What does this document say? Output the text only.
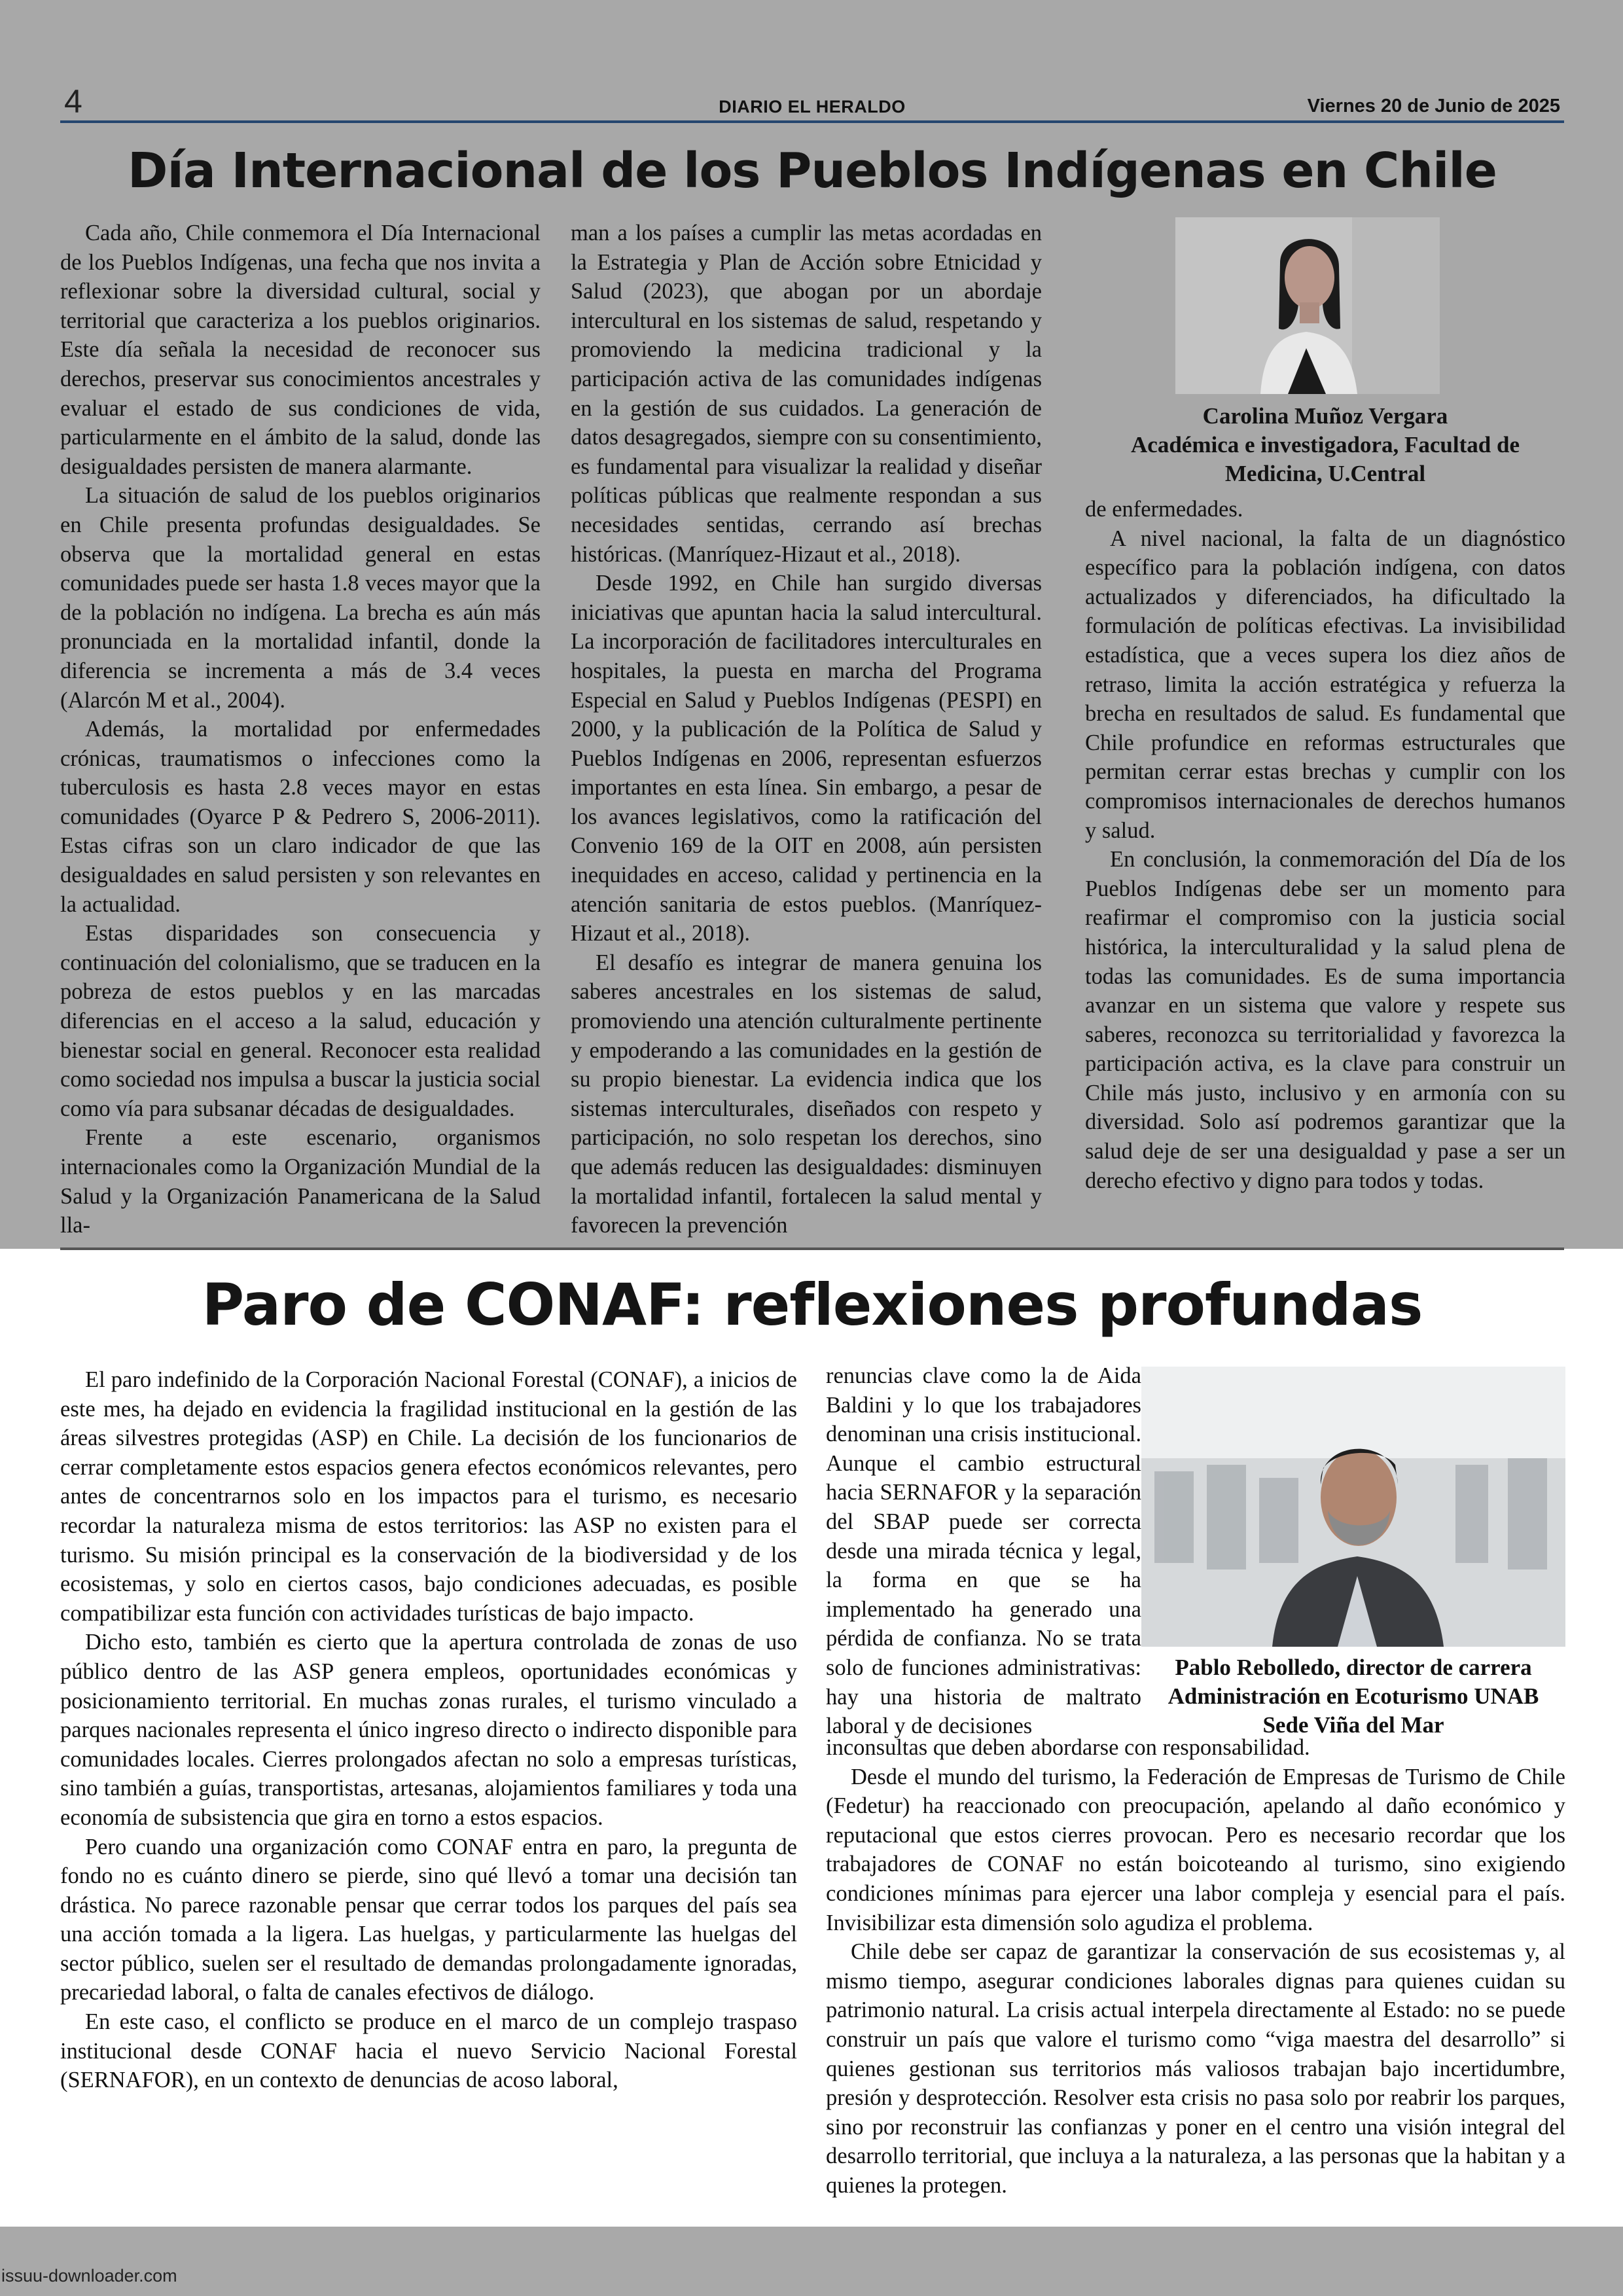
4	DIARIO EL HERALDO	Viernes 20 de Junio de 2025
Día Internacional de los Pueblos Indígenas en Chile

Cada año, Chile conmemora el Día Internacional de los Pueblos Indígenas, una fecha que nos invita a reflexionar sobre la diversidad cultural, social y territorial que caracteriza a los pueblos originarios. Este día señala la necesidad de reconocer sus derechos, preservar sus conocimientos ancestrales y evaluar el estado de sus condiciones de vida, particularmente en el ámbito de la salud, donde las desigualdades persisten de manera alarmante.

La situación de salud de los pueblos originarios en Chile presenta profundas desigualdades. Se observa que la mortalidad general en estas comunidades puede ser hasta 1.8 veces mayor que la de la población no indígena. La brecha es aún más pronunciada en la mortalidad infantil, donde la diferencia se incrementa a más de 3.4 veces (Alarcón M et al., 2004).

Además, la mortalidad por enfermedades crónicas, traumatismos o infecciones como la tuberculosis es hasta 2.8 veces mayor en estas comunidades (Oyarce P & Pedrero S, 2006-2011). Estas cifras son un claro indicador de que las desigualdades en salud persisten y son relevantes en la actualidad.

Estas disparidades son consecuencia y continuación del colonialismo, que se traducen en la pobreza de estos pueblos y en las marcadas diferencias en el acceso a la salud, educación y bienestar social en general. Reconocer esta realidad como sociedad nos impulsa a buscar la justicia social como vía para subsanar décadas de desigualdades.

Frente a este escenario, organismos internacionales como la Organización Mundial de la Salud y la Organización Panamericana de la Salud lla-

man a los países a cumplir las metas acordadas en la Estrategia y Plan de Acción sobre Etnicidad y Salud (2023), que abogan por un abordaje intercultural en los sistemas de salud, respetando y promoviendo la medicina tradicional y la participación activa de las comunidades indígenas en la gestión de sus cuidados. La generación de datos desagregados, siempre con su consentimiento, es fundamental para visualizar la realidad y diseñar políticas públicas que realmente respondan a sus necesidades sentidas, cerrando así brechas históricas. (Manríquez-Hizaut et al., 2018).

Desde 1992, en Chile han surgido diversas iniciativas que apuntan hacia la salud intercultural. La incorporación de facilitadores interculturales en hospitales, la puesta en marcha del Programa Especial en Salud y Pueblos Indígenas (PESPI) en 2000, y la publicación de la Política de Salud y Pueblos Indígenas en 2006, representan esfuerzos importantes en esta línea. Sin embargo, a pesar de los avances legislativos, como la ratificación del Convenio 169 de la OIT en 2008, aún persisten inequidades en acceso, calidad y pertinencia en la atención sanitaria de estos pueblos. (Manríquez-Hizaut et al., 2018).

El desafío es integrar de manera genuina los saberes ancestrales en los sistemas de salud, promoviendo una atención culturalmente pertinente y empoderando a las comunidades en la gestión de su propio bienestar. La evidencia indica que los sistemas interculturales, diseñados con respeto y participación, no solo respetan los derechos, sino que además reducen las desigualdades: disminuyen la mortalidad infantil, fortalecen la salud mental y favorecen la prevención

Carolina Muñoz Vergara
Académica e investigadora, Facultad de Medicina, U.Central

de enfermedades.

A nivel nacional, la falta de un diagnóstico específico para la población indígena, con datos actualizados y diferenciados, ha dificultado la formulación de políticas efectivas. La invisibilidad estadística, que a veces supera los diez años de retraso, limita la acción estratégica y refuerza la brecha en resultados de salud. Es fundamental que Chile profundice en reformas estructurales que permitan cerrar estas brechas y cumplir con los compromisos internacionales de derechos humanos y salud.

En conclusión, la conmemoración del Día de los Pueblos Indígenas debe ser un momento para reafirmar el compromiso con la justicia social histórica, la interculturalidad y la salud plena de todas las comunidades. Es de suma importancia avanzar en un sistema que valore y respete sus saberes, reconozca su territorialidad y favorezca la participación activa, es la clave para construir un Chile más justo, inclusivo y en armonía con su diversidad. Solo así podremos garantizar que la salud deje de ser una desigualdad y pase a ser un derecho efectivo y digno para todos y todas.

Paro de CONAF: reflexiones profundas

El paro indefinido de la Corporación Nacional Forestal (CONAF), a inicios de este mes, ha dejado en evidencia la fragilidad institucional en la gestión de las áreas silvestres protegidas (ASP) en Chile. La decisión de los funcionarios de cerrar completamente estos espacios genera efectos económicos relevantes, pero antes de concentrarnos solo en los impactos para el turismo, es necesario recordar la naturaleza misma de estos territorios: las ASP no existen para el turismo. Su misión principal es la conservación de la biodiversidad y de los ecosistemas, y solo en ciertos casos, bajo condiciones adecuadas, es posible compatibilizar esta función con actividades turísticas de bajo impacto.

Dicho esto, también es cierto que la apertura controlada de zonas de uso público dentro de las ASP genera empleos, oportunidades económicas y posicionamiento territorial. En muchas zonas rurales, el turismo vinculado a parques nacionales representa el único ingreso directo o indirecto disponible para comunidades locales. Cierres prolongados afectan no solo a empresas turísticas, sino también a guías, transportistas, artesanas, alojamientos familiares y toda una economía de subsistencia que gira en torno a estos espacios.

Pero cuando una organización como CONAF entra en paro, la pregunta de fondo no es cuánto dinero se pierde, sino qué llevó a tomar una decisión tan drástica. No parece razonable pensar que cerrar todos los parques del país sea una acción tomada a la ligera. Las huelgas, y particularmente las huelgas del sector público, suelen ser el resultado de demandas prolongadamente ignoradas, precariedad laboral, o falta de canales efectivos de diálogo.

En este caso, el conflicto se produce en el marco de un complejo traspaso institucional desde CONAF hacia el nuevo Servicio Nacional Forestal (SERNAFOR), en un contexto de denuncias de acoso laboral,

renuncias clave como la de Aida Baldini y lo que los trabajadores denominan una crisis institucional. Aunque el cambio estructural hacia SERNAFOR y la separación del SBAP puede ser correcta desde una mirada técnica y legal, la forma en que se ha implementado ha generado una pérdida de confianza. No se trata solo de funciones administrativas: hay una historia de maltrato laboral y de decisiones

Pablo Rebolledo, director de carrera
Administración en Ecoturismo UNAB
Sede Viña del Mar

inconsultas que deben abordarse con responsabilidad.

Desde el mundo del turismo, la Federación de Empresas de Turismo de Chile (Fedetur) ha reaccionado con preocupación, apelando al daño económico y reputacional que estos cierres provocan. Pero es necesario recordar que los trabajadores de CONAF no están boicoteando al turismo, sino exigiendo condiciones mínimas para ejercer una labor compleja y esencial para el país. Invisibilizar esta dimensión solo agudiza el problema.

Chile debe ser capaz de garantizar la conservación de sus ecosistemas y, al mismo tiempo, asegurar condiciones laborales dignas para quienes cuidan su patrimonio natural. La crisis actual interpela directamente al Estado: no se puede construir un país que valore el turismo como “viga maestra del desarrollo” si quienes gestionan sus territorios más valiosos trabajan bajo incertidumbre, presión y desprotección. Resolver esta crisis no pasa solo por reabrir los parques, sino por reconstruir las confianzas y poner en el centro una visión integral del desarrollo territorial, que incluya a la naturaleza, a las personas que la habitan y a quienes la protegen.

issuu-downloader.com
